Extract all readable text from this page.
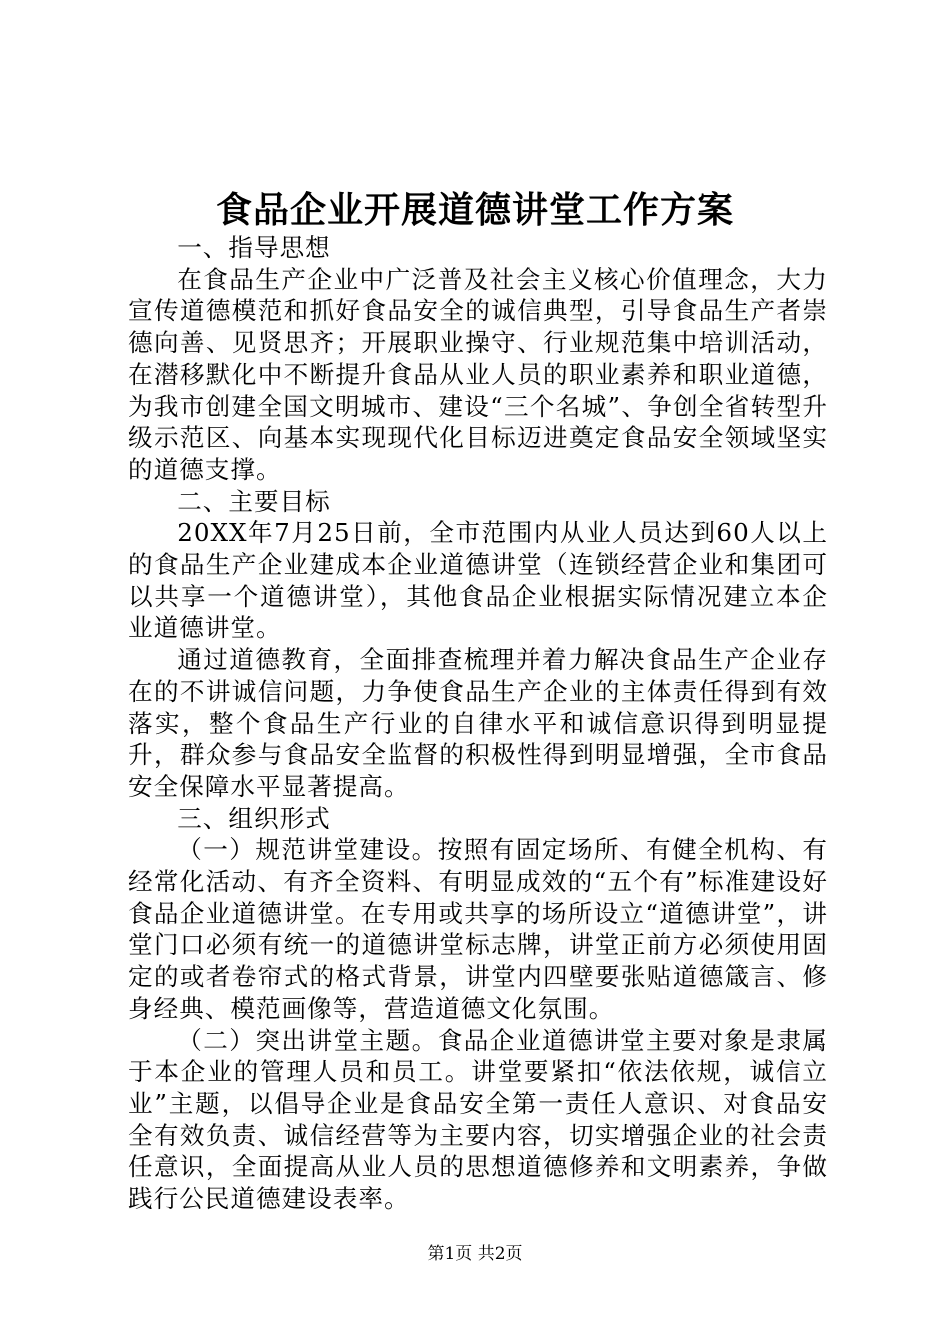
食品企业开展道德讲堂工作方案

一、指导思想

在食品生产企业中广泛普及社会主义核心价值理念，大力宣传道德模范和抓好食品安全的诚信典型，引导食品生产者崇德向善、见贤思齐；开展职业操守、行业规范集中培训活动，在潜移默化中不断提升食品从业人员的职业素养和职业道德，为我市创建全国文明城市、建设“三个名城”、争创全省转型升级示范区、向基本实现现代化目标迈进奠定食品安全领域坚实的道德支撑。

二、主要目标

20XX年7月25日前，全市范围内从业人员达到60人以上的食品生产企业建成本企业道德讲堂（连锁经营企业和集团可以共享一个道德讲堂），其他食品企业根据实际情况建立本企业道德讲堂。

通过道德教育，全面排查梳理并着力解决食品生产企业存在的不讲诚信问题，力争使食品生产企业的主体责任得到有效落实，整个食品生产行业的自律水平和诚信意识得到明显提升，群众参与食品安全监督的积极性得到明显增强，全市食品安全保障水平显著提高。

三、组织形式

（一）规范讲堂建设。按照有固定场所、有健全机构、有经常化活动、有齐全资料、有明显成效的“五个有”标准建设好食品企业道德讲堂。在专用或共享的场所设立“道德讲堂”，讲堂门口必须有统一的道德讲堂标志牌，讲堂正前方必须使用固定的或者卷帘式的格式背景，讲堂内四壁要张贴道德箴言、修身经典、模范画像等，营造道德文化氛围。

（二）突出讲堂主题。食品企业道德讲堂主要对象是隶属于本企业的管理人员和员工。讲堂要紧扣“依法依规，诚信立业”主题，以倡导企业是食品安全第一责任人意识、对食品安全有效负责、诚信经营等为主要内容，切实增强企业的社会责任意识，全面提高从业人员的思想道德修养和文明素养，争做践行公民道德建设表率。

第1页 共2页
